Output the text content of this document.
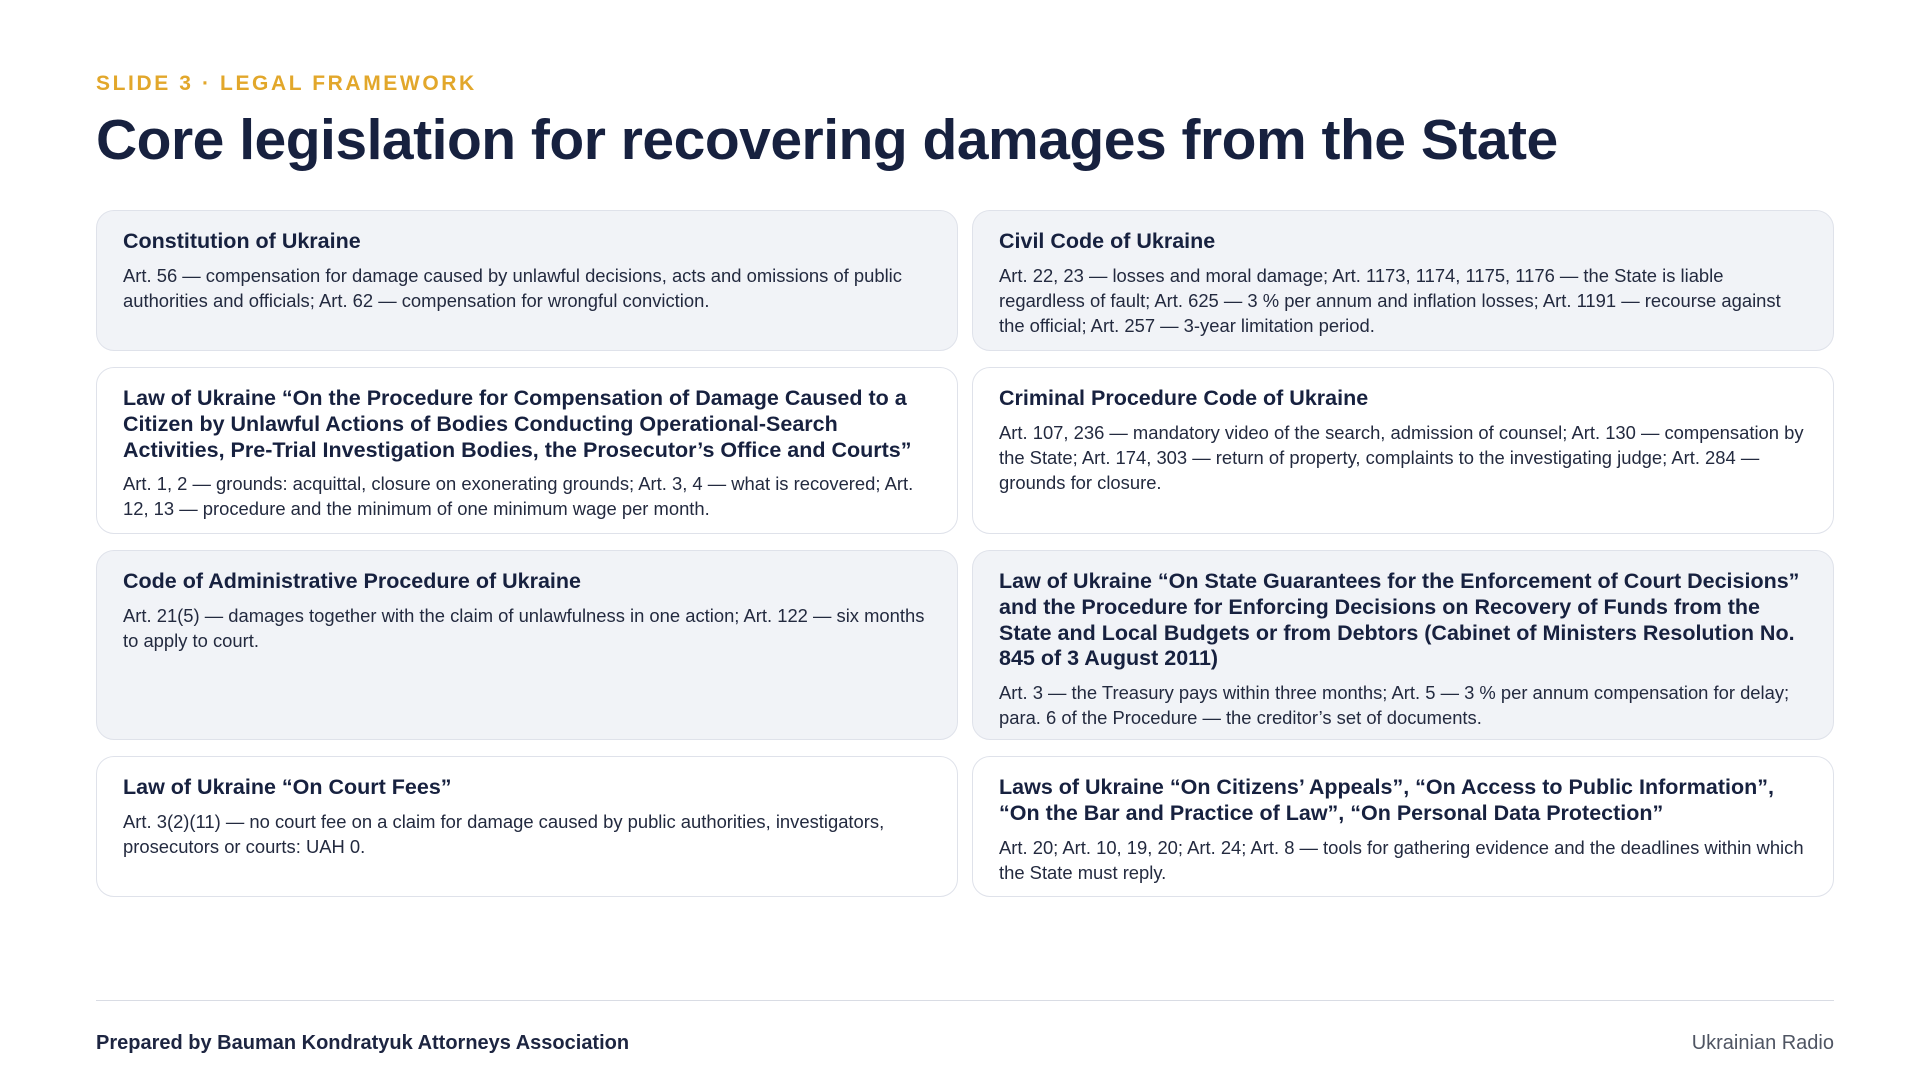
SLIDE 3 · LEGAL FRAMEWORK
Core legislation for recovering damages from the State
Constitution of Ukraine
Art. 56 — compensation for damage caused by unlawful decisions, acts and omissions of public authorities and officials; Art. 62 — compensation for wrongful conviction.
Civil Code of Ukraine
Art. 22, 23 — losses and moral damage; Art. 1173, 1174, 1175, 1176 — the State is liable regardless of fault; Art. 625 — 3 % per annum and inflation losses; Art. 1191 — recourse against the official; Art. 257 — 3-year limitation period.
Law of Ukraine “On the Procedure for Compensation of Damage Caused to a Citizen by Unlawful Actions of Bodies Conducting Operational-Search Activities, Pre-Trial Investigation Bodies, the Prosecutor’s Office and Courts”
Art. 1, 2 — grounds: acquittal, closure on exonerating grounds; Art. 3, 4 — what is recovered; Art. 12, 13 — procedure and the minimum of one minimum wage per month.
Criminal Procedure Code of Ukraine
Art. 107, 236 — mandatory video of the search, admission of counsel; Art. 130 — compensation by the State; Art. 174, 303 — return of property, complaints to the investigating judge; Art. 284 — grounds for closure.
Code of Administrative Procedure of Ukraine
Art. 21(5) — damages together with the claim of unlawfulness in one action; Art. 122 — six months to apply to court.
Law of Ukraine “On State Guarantees for the Enforcement of Court Decisions” and the Procedure for Enforcing Decisions on Recovery of Funds from the State and Local Budgets or from Debtors (Cabinet of Ministers Resolution No. 845 of 3 August 2011)
Art. 3 — the Treasury pays within three months; Art. 5 — 3 % per annum compensation for delay; para. 6 of the Procedure — the creditor’s set of documents.
Law of Ukraine “On Court Fees”
Art. 3(2)(11) — no court fee on a claim for damage caused by public authorities, investigators, prosecutors or courts: UAH 0.
Laws of Ukraine “On Citizens’ Appeals”, “On Access to Public Information”, “On the Bar and Practice of Law”, “On Personal Data Protection”
Art. 20; Art. 10, 19, 20; Art. 24; Art. 8 — tools for gathering evidence and the deadlines within which the State must reply.
Prepared by Bauman Kondratyuk Attorneys Association	Ukrainian Radio
